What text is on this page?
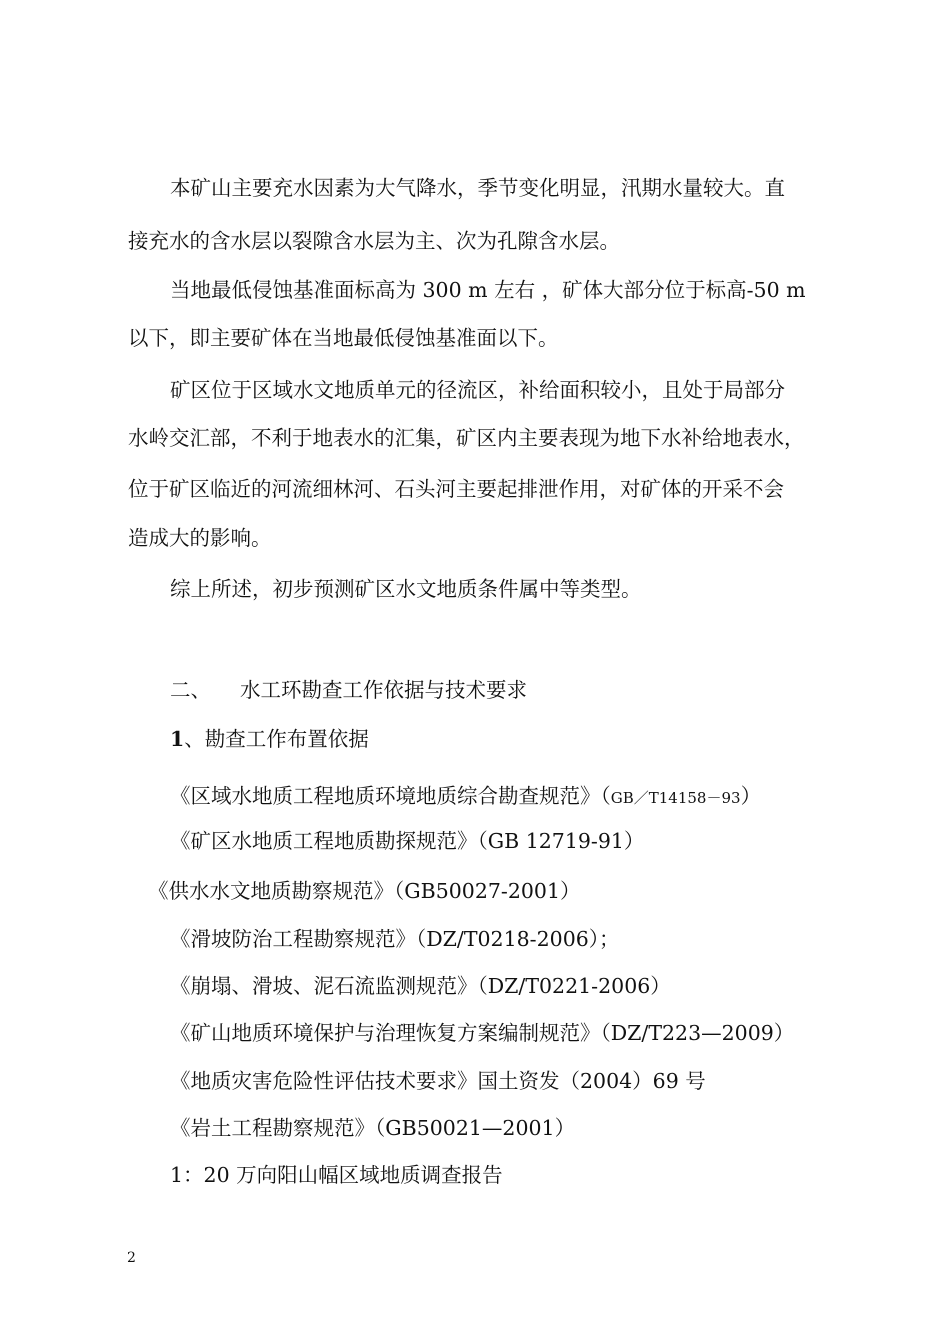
本矿山主要充水因素为大气降水，季节变化明显，汛期水量较大。直
接充水的含水层以裂隙含水层为主、次为孔隙含水层。
当地最低侵蚀基准面标高为 300 m 左右 ，矿体大部分位于标高-50 m
以下，即主要矿体在当地最低侵蚀基准面以下。
矿区位于区域水文地质单元的径流区，补给面积较小，且处于局部分
水岭交汇部，不利于地表水的汇集，矿区内主要表现为地下水补给地表水，
位于矿区临近的河流细林河、石头河主要起排泄作用，对矿体的开采不会
造成大的影响。
综上所述，初步预测矿区水文地质条件属中等类型。
二、 水工环勘查工作依据与技术要求
1、勘查工作布置依据
《区域水地质工程地质环境地质综合勘查规范》（GB／T14158－93）
《矿区水地质工程地质勘探规范》（GB 12719-91）
《供水水文地质勘察规范》（GB50027-2001）
《滑坡防治工程勘察规范》（DZ/T0218-2006）；
《崩塌、滑坡、泥石流监测规范》（DZ/T0221-2006）
《矿山地质环境保护与治理恢复方案编制规范》（DZ/T223—2009）
《地质灾害危险性评估技术要求》国土资发（2004）69 号
《岩土工程勘察规范》（GB50021—2001）
1：20 万向阳山幅区域地质调查报告
2
